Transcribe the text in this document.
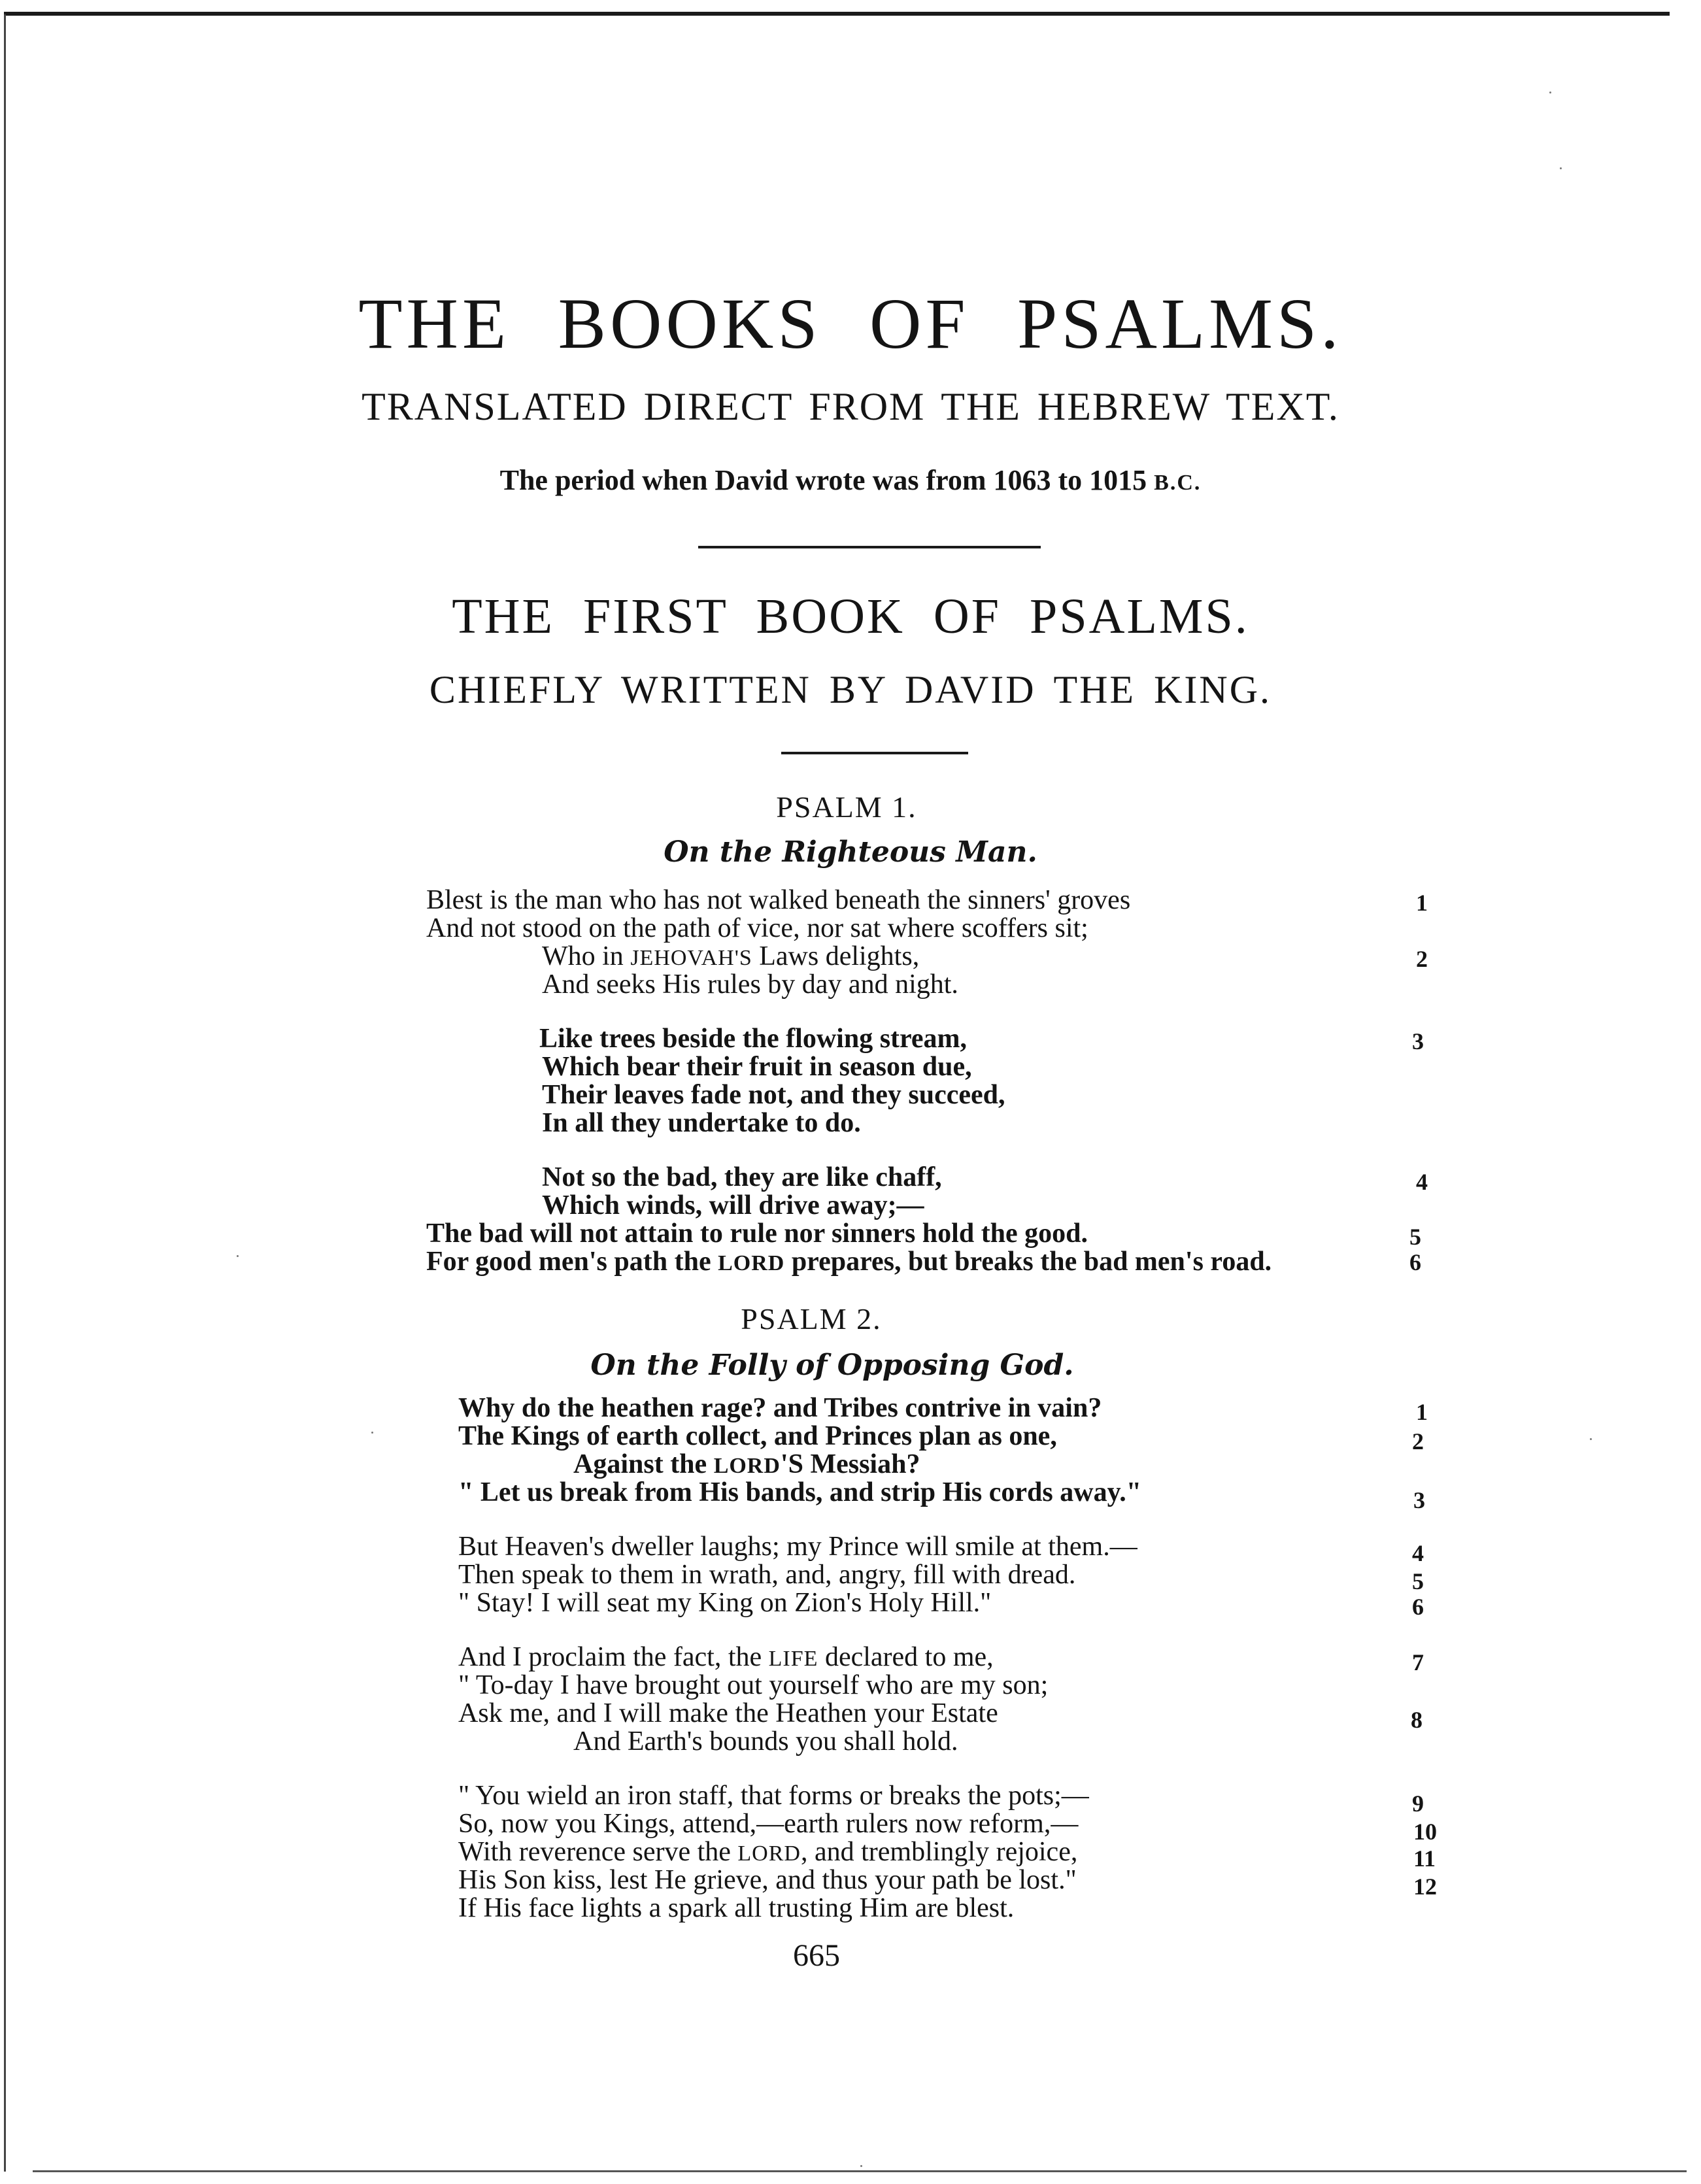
THE BOOKS OF PSALMS.
TRANSLATED DIRECT FROM THE HEBREW TEXT.
The period when David wrote was from 1063 to 1015 B.C.
THE FIRST BOOK OF PSALMS.
CHIEFLY WRITTEN BY DAVID THE KING.
PSALM 1.
On the Righteous Man.
Blest is the man who has not walked beneath the sinners' groves
And not stood on the path of vice, nor sat where scoffers sit;
Who in JEHOVAH'S Laws delights,
And seeks His rules by day and night.
Like trees beside the flowing stream,
Which bear their fruit in season due,
Their leaves fade not, and they succeed,
In all they undertake to do.
Not so the bad, they are like chaff,
Which winds, will drive away;—
The bad will not attain to rule nor sinners hold the good.
For good men's path the LORD prepares, but breaks the bad men's road.
1
2
3
4
5
6
PSALM 2.
On the Folly of Opposing God.
Why do the heathen rage? and Tribes contrive in vain?
The Kings of earth collect, and Princes plan as one,
Against the LORD'S Messiah?
" Let us break from His bands, and strip His cords away."
But Heaven's dweller laughs; my Prince will smile at them.—
Then speak to them in wrath, and, angry, fill with dread.
" Stay! I will seat my King on Zion's Holy Hill."
And I proclaim the fact, the LIFE declared to me,
" To-day I have brought out yourself who are my son;
Ask me, and I will make the Heathen your Estate
And Earth's bounds you shall hold.
" You wield an iron staff, that forms or breaks the pots;—
So, now you Kings, attend,—earth rulers now reform,—
With reverence serve the LORD, and tremblingly rejoice,
His Son kiss, lest He grieve, and thus your path be lost."
If His face lights a spark all trusting Him are blest.
1
2
3
4
5
6
7
8
9
10
11
12
665
